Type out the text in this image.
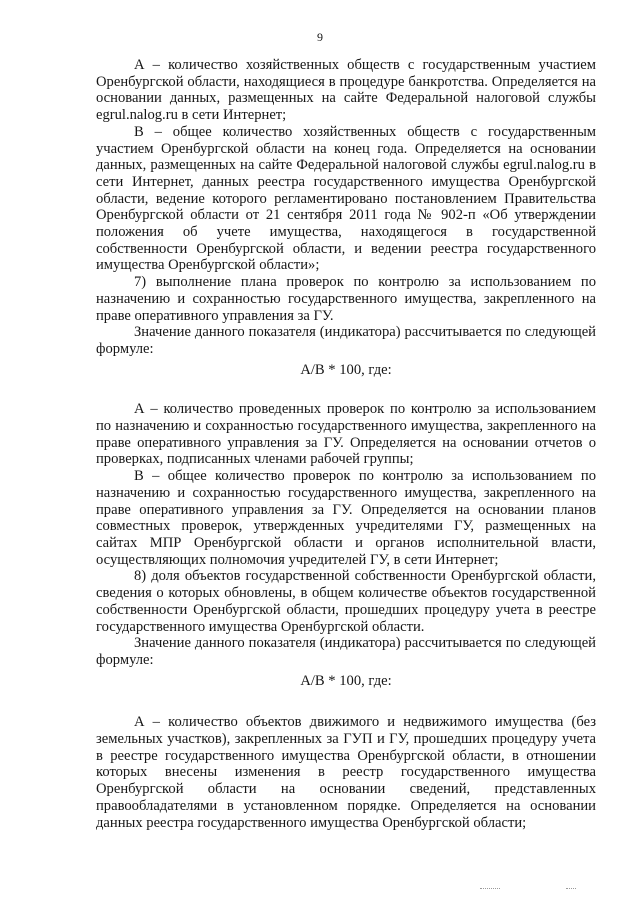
9

А – количество хозяйственных обществ с государственным участием Оренбургской области, находящиеся в процедуре банкротства. Определяется на основании данных, размещенных на сайте Федеральной налоговой службы egrul.nalog.ru в сети Интернет;

В – общее количество хозяйственных обществ с государственным участием Оренбургской области на конец года. Определяется на основании данных, размещенных на сайте Федеральной налоговой службы egrul.nalog.ru в сети Интернет, данных реестра государственного имущества Оренбургской области, ведение которого регламентировано постановлением Правительства Оренбургской области от 21 сентября 2011 года № 902-п «Об утверждении положения об учете имущества, находящегося в государственной собственности Оренбургской области, и ведении реестра государственного имущества Оренбургской области»;

7) выполнение плана проверок по контролю за использованием по назначению и сохранностью государственного имущества, закрепленного на праве оперативного управления за ГУ.

Значение данного показателя (индикатора) рассчитывается по следующей формуле:

А/В * 100, где:

А – количество проведенных проверок по контролю за использованием по назначению и сохранностью государственного имущества, закрепленного на праве оперативного управления за ГУ. Определяется на основании отчетов о проверках, подписанных членами рабочей группы;

В – общее количество проверок по контролю за использованием по назначению и сохранностью государственного имущества, закрепленного на праве оперативного управления за ГУ. Определяется на основании планов совместных проверок, утвержденных учредителями ГУ, размещенных на сайтах МПР Оренбургской области и органов исполнительной власти, осуществляющих полномочия учредителей ГУ, в сети Интернет;

8) доля объектов государственной собственности Оренбургской области, сведения о которых обновлены, в общем количестве объектов государственной собственности Оренбургской области, прошедших процедуру учета в реестре государственного имущества Оренбургской области.

Значение данного показателя (индикатора) рассчитывается по следующей формуле:

А/В * 100, где:

А – количество объектов движимого и недвижимого имущества (без земельных участков), закрепленных за ГУП и ГУ, прошедших процедуру учета в реестре государственного имущества Оренбургской области, в отношении которых внесены изменения в реестр государственного имущества Оренбургской области на основании сведений, представленных правообладателями в установленном порядке. Определяется на основании данных реестра государственного имущества Оренбургской области;
